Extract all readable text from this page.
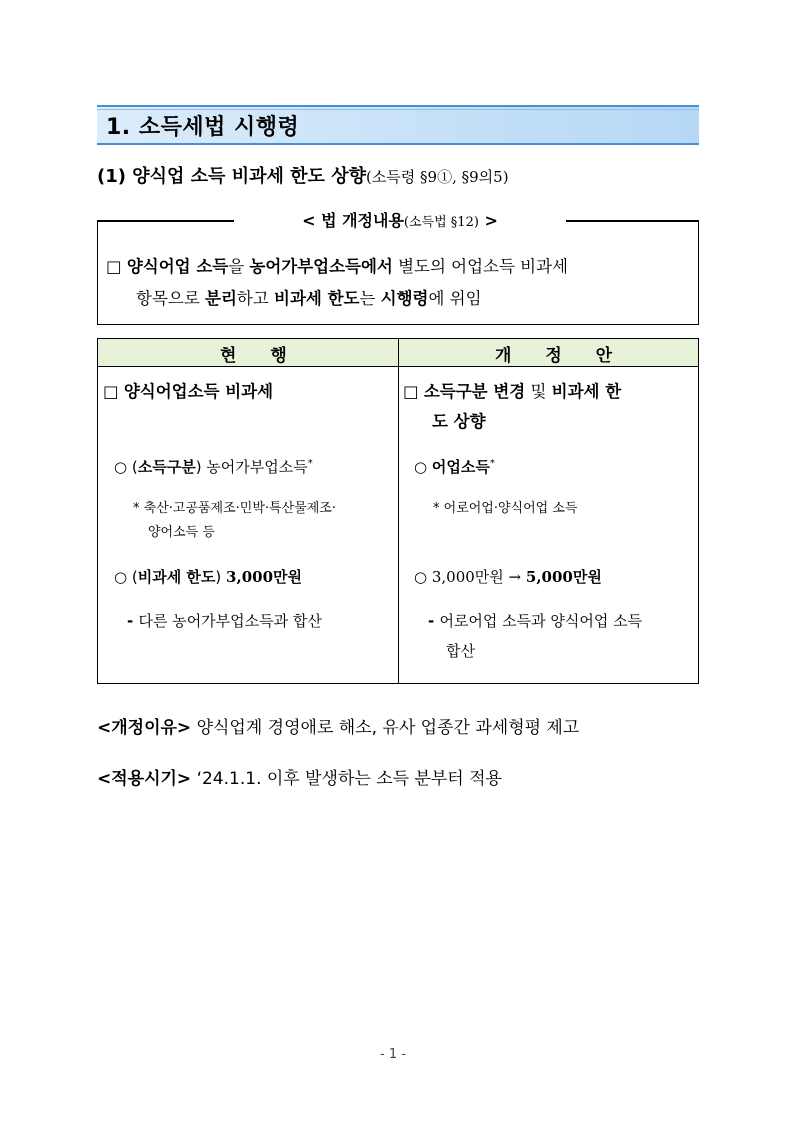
1. 소득세법 시행령
(1) 양식업 소득 비과세 한도 상향(소득령 §9①, §9의5)
< 법 개정내용(소득법 §12) >
□ 양식어업 소득을 농어가부업소득에서 별도의 어업소득 비과세
항목으로 분리하고 비과세 한도는 시행령에 위임
현 행	개 정 안
□ 양식어업소득 비과세
○ (소득구분) 농어가부업소득*
* 축산·고공품제조·민박·특산물제조·
양어소득 등
○ (비과세 한도) 3,000만원
- 다른 농어가부업소득과 합산
□ 소득구분 변경 및 비과세 한
도 상향
○ 어업소득*
* 어로어업·양식어업 소득
○ 3,000만원 → 5,000만원
- 어로어업 소득과 양식어업 소득
합산
<개정이유> 양식업계 경영애로 해소, 유사 업종간 과세형평 제고
<적용시기> ‘24.1.1. 이후 발생하는 소득 분부터 적용
- 1 -
